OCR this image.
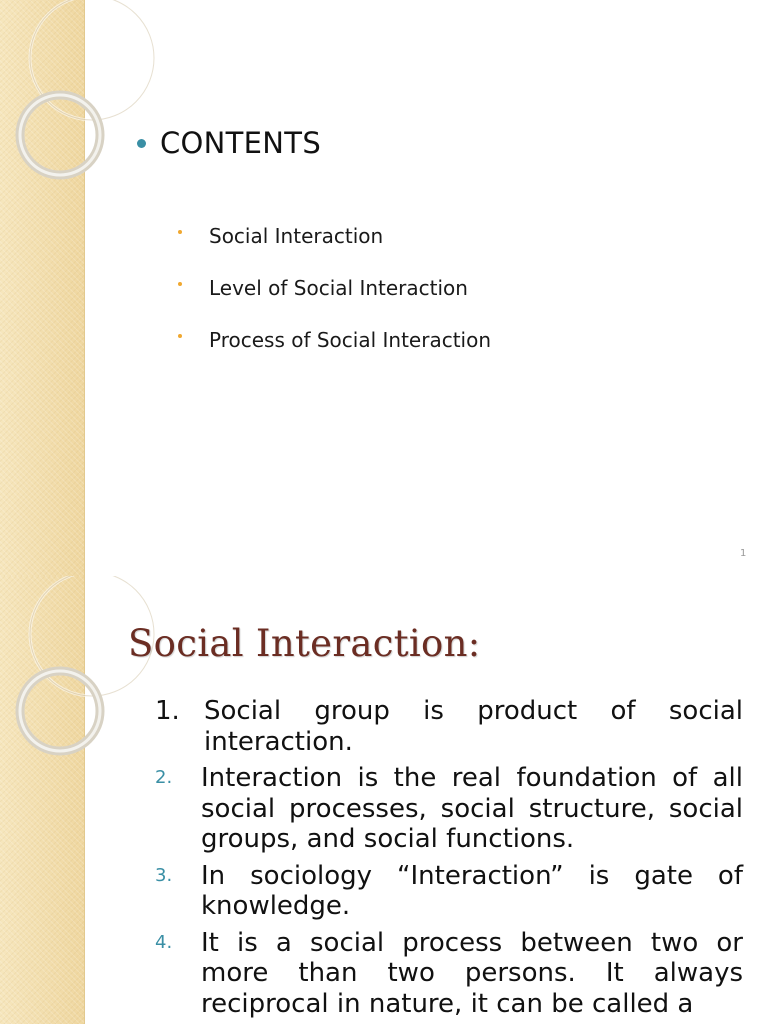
CONTENTS
Social Interaction
Level of Social Interaction
Process of Social Interaction
1
Social Interaction:
1. Social group is product of social interaction.
2.	Interaction is the real foundation of all social processes, social structure, social groups, and social functions.
3.	In sociology “Interaction” is gate of knowledge.
4.	It is a social process between two or more than two persons. It always reciprocal in nature, it can be called a
